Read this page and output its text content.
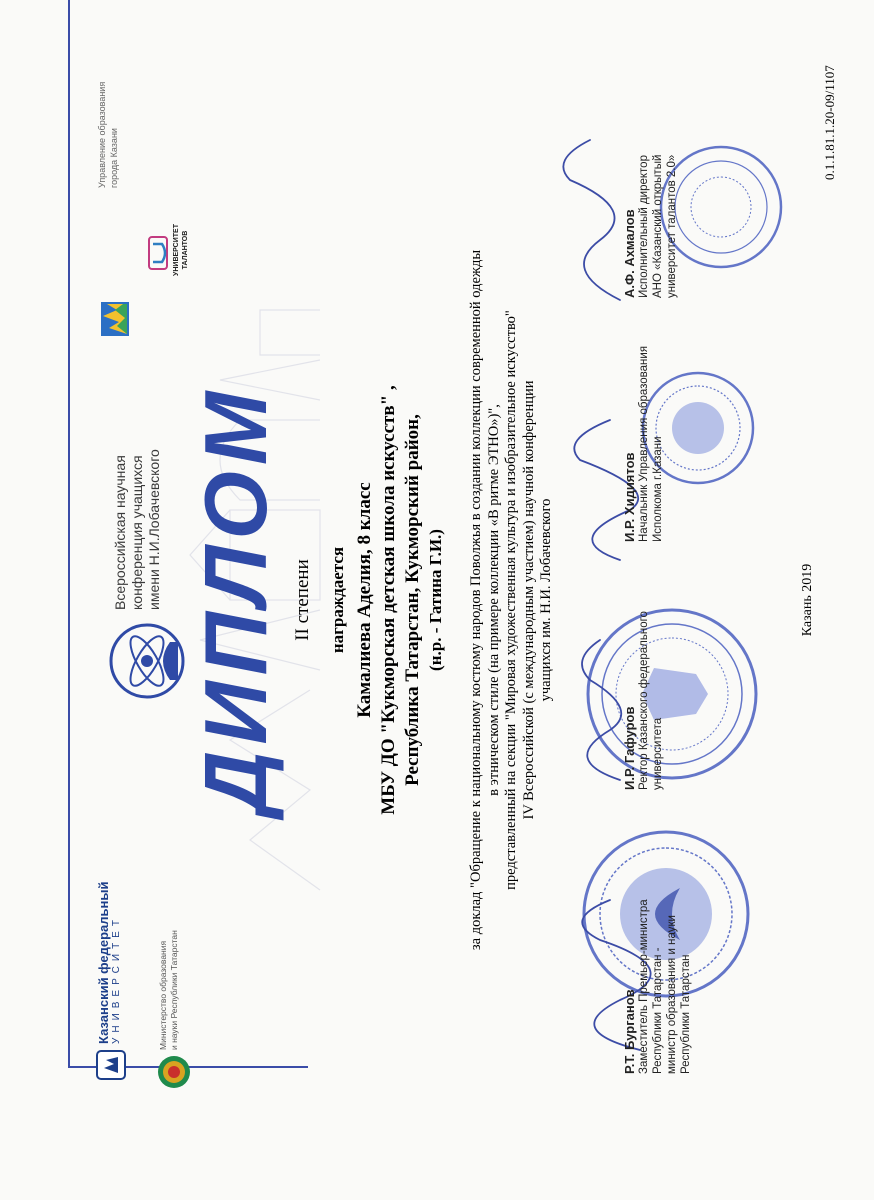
Казанский федеральный УНИВЕРСИТЕТ	Министерство образования и науки Республики Татарстан
Всероссийская научная конференция учащихся имени Н.И.Лобачевского
УНИВЕРСИТЕТ ТАЛАНТОВ
Управление образования города Казани
ДИПЛОМ II степени награждается Камалиева Аделия, 8 класс МБУ ДО "Кукморская детская школа искусств" , Республика Татарстан, Кукморский район, (н.р. - Гатина Г.И.) за доклад "Обращение к национальному костюму народов Поволжья в создании коллекции современной одежды в этническом стиле (на примере коллекции «В ритме ЭТНО»)", представленный на секции "Мировая художественная культура и изобразительное искусство" IV Всероссийской (с международным участием) научной конференции учащихся им. Н.И. Лобачевского
Р.Т. Бурганов Заместитель Премьер-министра Республики Татарстан - министр образования и науки Республики Татарстан
И.Р. Гафуров Ректор Казанского федерального университета
И.Р. Хидиятов Начальник Управления образования Исполкома г.Казани
А.Ф. Ахмалов Исполнительный директор АНО «Казанский открытый университет талантов 2.0»
Казань 2019
0.1.1.81.1.20-09/1107
